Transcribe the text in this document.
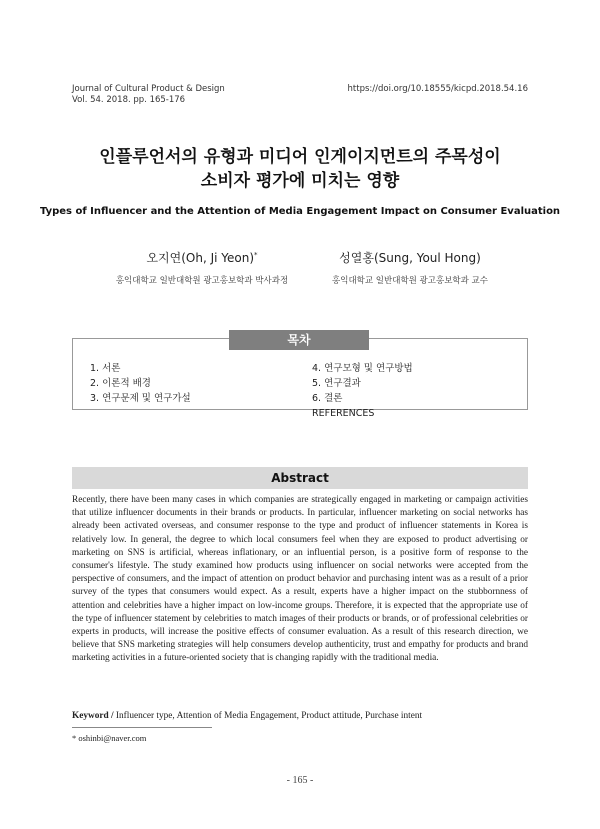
Journal of Cultural Product & Design
Vol. 54. 2018. pp. 165-176
https://doi.org/10.18555/kicpd.2018.54.16
인플루언서의 유형과 미디어 인게이지먼트의 주목성이
소비자 평가에 미치는 영향
Types of Influencer and the Attention of Media Engagement Impact on Consumer Evaluation
오지연(Oh, Ji Yeon)*
홍익대학교 일반대학원 광고홍보학과 박사과정
성열홍(Sung, Youl Hong)
홍익대학교 일반대학원 광고홍보학과 교수
목차
1. 서론
2. 이론적 배경
3. 연구문제 및 연구가설
4. 연구모형 및 연구방법
5. 연구결과
6. 결론
REFERENCES
Abstract
Recently, there have been many cases in which companies are strategically engaged in marketing or campaign activities that utilize influencer documents in their brands or products. In particular, influencer marketing on social networks has already been activated overseas, and consumer response to the type and product of influencer statements in Korea is relatively low. In general, the degree to which local consumers feel when they are exposed to product advertising or marketing on SNS is artificial, whereas inflationary, or an influential person, is a positive form of response to the consumer's lifestyle. The study examined how products using influencer on social networks were accepted from the perspective of consumers, and the impact of attention on product behavior and purchasing intent was as a result of a prior survey of the types that consumers would expect. As a result, experts have a higher impact on the stubbornness of attention and celebrities have a higher impact on low-income groups. Therefore, it is expected that the appropriate use of the type of influencer statement by celebrities to match images of their products or brands, or of professional celebrities or experts in products, will increase the positive effects of consumer evaluation. As a result of this research direction, we believe that SNS marketing strategies will help consumers develop authenticity, trust and empathy for products and brand marketing activities in a future-oriented society that is changing rapidly with the traditional media.
Keyword / Influencer type, Attention of Media Engagement, Product attitude, Purchase intent
* oshinbi@naver.com
- 165 -
